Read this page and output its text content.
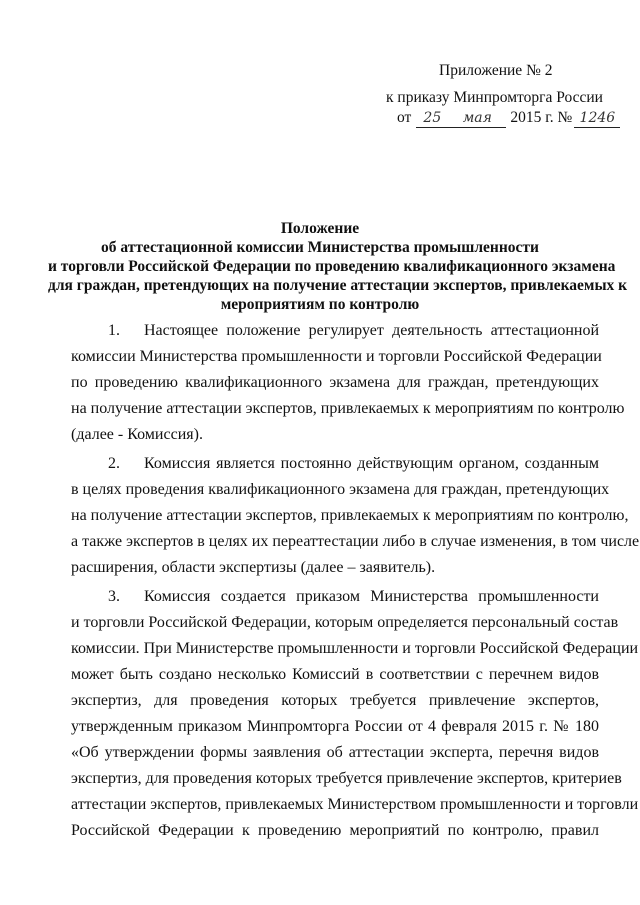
Приложение № 2
к приказу Минпромторга России
от 25	мая	2015 г. № 1246
Положение
об аттестационной комиссии Министерства промышленности
и торговли Российской Федерации по проведению квалификационного экзамена
для граждан, претендующих на получение аттестации экспертов, привлекаемых к
мероприятиям по контролю
1. Настоящее положение регулирует деятельность аттестационной
комиссии Министерства промышленности и торговли Российской Федерации
по проведению квалификационного экзамена для граждан, претендующих
на получение аттестации экспертов, привлекаемых к мероприятиям по контролю
(далее - Комиссия).
2. Комиссия является постоянно действующим органом, созданным
в целях проведения квалификационного экзамена для граждан, претендующих
на получение аттестации экспертов, привлекаемых к мероприятиям по контролю,
а также экспертов в целях их переаттестации либо в случае изменения, в том числе
расширения, области экспертизы (далее – заявитель).
3. Комиссия создается приказом Министерства промышленности
и торговли Российской Федерации, которым определяется персональный состав
комиссии. При Министерстве промышленности и торговли Российской Федерации
может быть создано несколько Комиссий в соответствии с перечнем видов
экспертиз, для проведения которых требуется привлечение экспертов,
утвержденным приказом Минпромторга России от 4 февраля 2015 г. № 180
«Об утверждении формы заявления об аттестации эксперта, перечня видов
экспертиз, для проведения которых требуется привлечение экспертов, критериев
аттестации экспертов, привлекаемых Министерством промышленности и торговли
Российской Федерации к проведению мероприятий по контролю, правил
